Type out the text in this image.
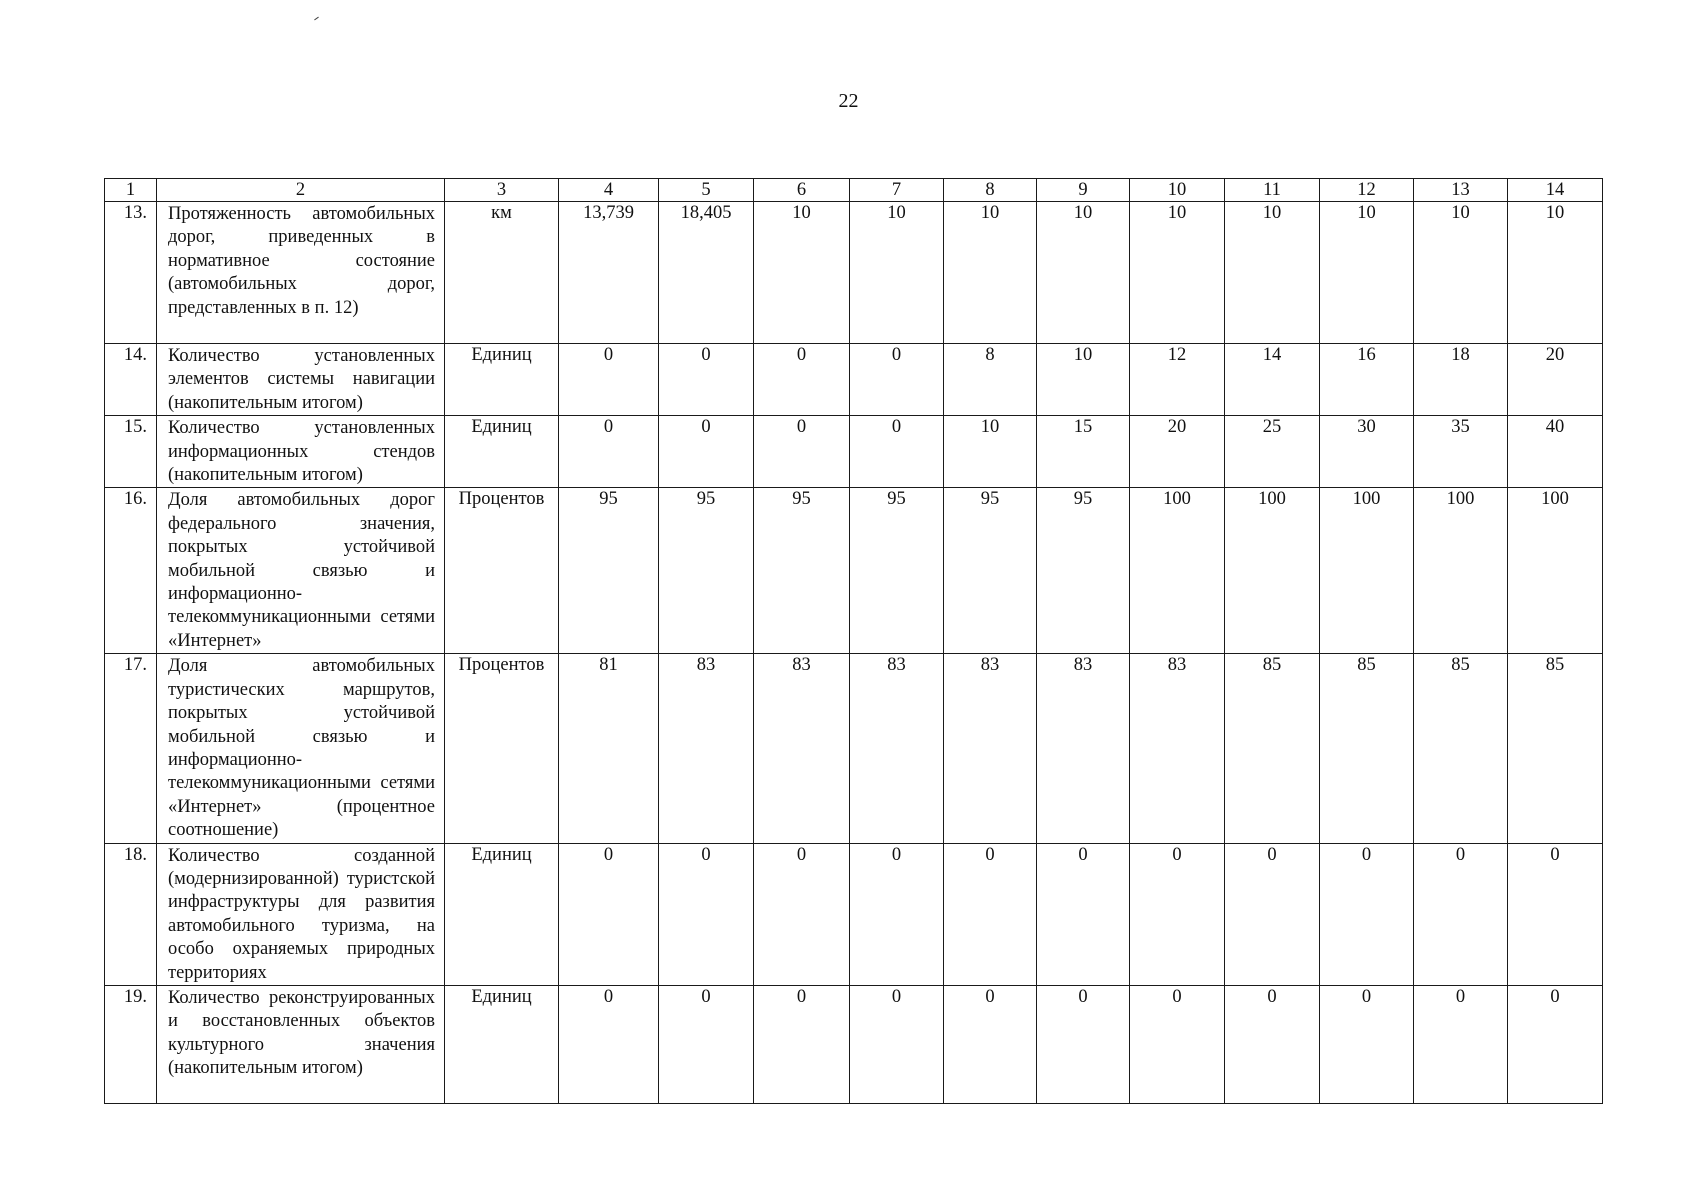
22
1	2	3	4	5	6	7	8	9	10	11	12	13	14
13.	Протяженность автомобильных дорог, приведенных в нормативное состояние (автомобильных дорог, представленных в п. 12)	км	13,739	18,405	10	10	10	10	10	10	10	10	10
14.	Количество установленных элементов системы навигации (накопительным итогом)	Единиц	0	0	0	0	8	10	12	14	16	18	20
15.	Количество установленных информационных стендов (накопительным итогом)	Единиц	0	0	0	0	10	15	20	25	30	35	40
16.	Доля автомобильных дорог федерального значения, покрытых устойчивой мобильной связью и информационно-телекоммуникационными сетями «Интернет»	Процентов	95	95	95	95	95	95	100	100	100	100	100
17.	Доля автомобильных туристических маршрутов, покрытых устойчивой мобильной связью и информационно-телекоммуникационными сетями «Интернет» (процентное соотношение)	Процентов	81	83	83	83	83	83	83	85	85	85	85
18.	Количество созданной (модернизированной) туристской инфраструктуры для развития автомобильного туризма, на особо охраняемых природных территориях	Единиц	0	0	0	0	0	0	0	0	0	0	0
19.	Количество реконструированных и восстановленных объектов культурного значения (накопительным итогом)	Единиц	0	0	0	0	0	0	0	0	0	0	0
